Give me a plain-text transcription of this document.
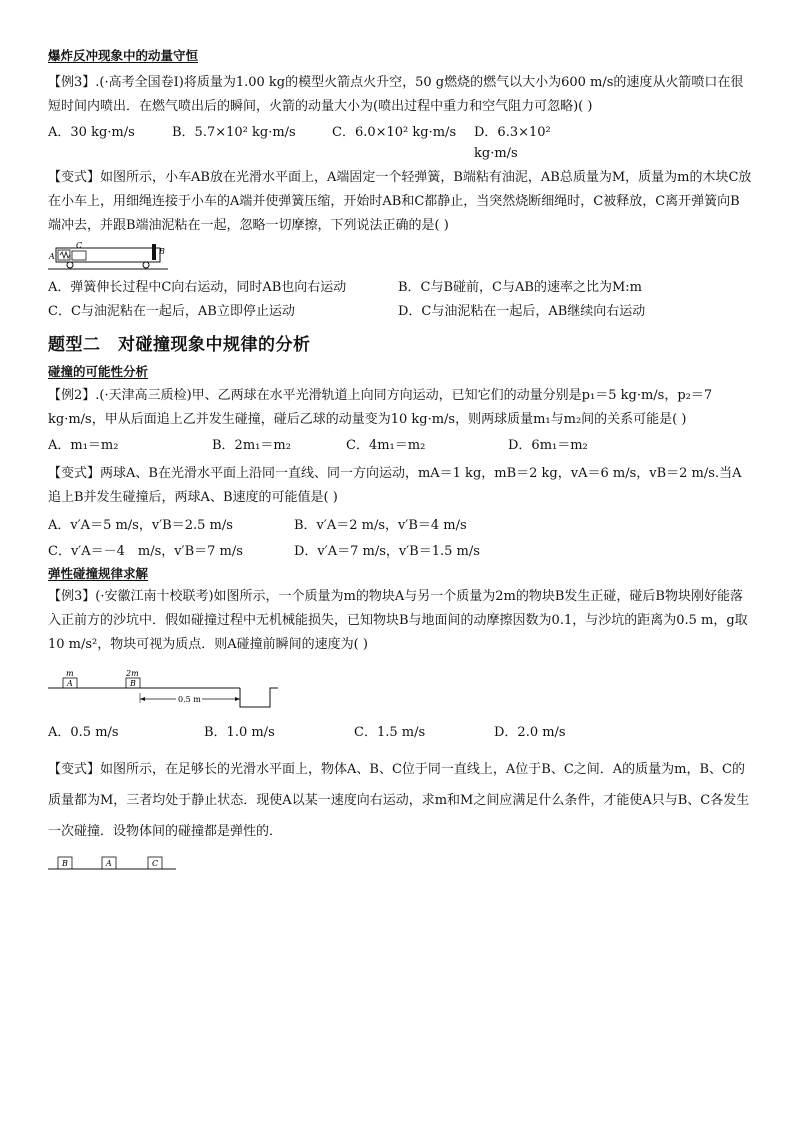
爆炸反冲现象中的动量守恒

【例3】.(·高考全国卷Ⅰ)将质量为1.00 kg的模型火箭点火升空，50 g燃烧的燃气以大小为600 m/s的速度从火箭喷口在很短时间内喷出．在燃气喷出后的瞬间，火箭的动量大小为(喷出过程中重力和空气阻力可忽略)( )

A．30 kg·m/s	B．5.7×10² kg·m/s	C．6.0×10² kg·m/s	D．6.3×10² kg·m/s

【变式】如图所示，小车AB放在光滑水平面上，A端固定一个轻弹簧，B端粘有油泥，AB总质量为M，质量为m的木块C放在小车上，用细绳连接于小车的A端并使弹簧压缩，开始时AB和C都静止，当突然烧断细绳时，C被释放，C离开弹簧向B端冲去，并跟B端油泥粘在一起，忽略一切摩擦，下列说法正确的是( )

A
C
B
A．弹簧伸长过程中C向右运动，同时AB也向右运动	B．C与B碰前，C与AB的速率之比为M:m
C．C与油泥粘在一起后，AB立即停止运动	D．C与油泥粘在一起后，AB继续向右运动

题型二　对碰撞现象中规律的分析

碰撞的可能性分析

【例2】.(·天津高三质检)甲、乙两球在水平光滑轨道上向同方向运动，已知它们的动量分别是p₁＝5 kg·m/s，p₂＝7 kg·m/s，甲从后面追上乙并发生碰撞，碰后乙球的动量变为10 kg·m/s，则两球质量m₁与m₂间的关系可能是( )

A．m₁＝m₂	B．2m₁＝m₂	C．4m₁＝m₂	D．6m₁＝m₂

【变式】两球A、B在光滑水平面上沿同一直线、同一方向运动，mA＝1 kg，mB＝2 kg，vA＝6 m/s，vB＝2 m/s.当A追上B并发生碰撞后，两球A、B速度的可能值是( )

A．v′A＝5 m/s，v′B＝2.5 m/s	B．v′A＝2 m/s，v′B＝4 m/s
C．v′A＝－4　m/s，v′B＝7 m/s	D．v′A＝7 m/s，v′B＝1.5 m/s

弹性碰撞规律求解

【例3】(·安徽江南十校联考)如图所示，一个质量为m的物块A与另一个质量为2m的物块B发生正碰，碰后B物块刚好能落入正前方的沙坑中．假如碰撞过程中无机械能损失，已知物块B与地面间的动摩擦因数为0.1，与沙坑的距离为0.5 m，g取10 m/s²，物块可视为质点．则A碰撞前瞬间的速度为( )

m
A
2m
B
0.5 m
A．0.5 m/s	B．1.0 m/s	C．1.5 m/s	D．2.0 m/s

【变式】如图所示，在足够长的光滑水平面上，物体A、B、C位于同一直线上，A位于B、C之间．A的质量为m，B、C的质量都为M，三者均处于静止状态．现使A以某一速度向右运动，求m和M之间应满足什么条件，才能使A只与B、C各发生一次碰撞．设物体间的碰撞都是弹性的．

B	A	C
